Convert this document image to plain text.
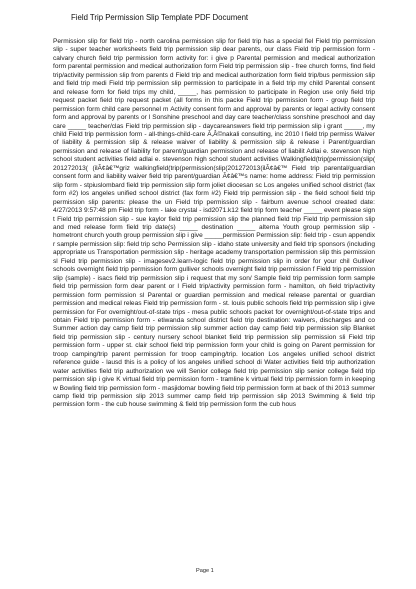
Field Trip Permission Slip Template PDF Document

Permission slip for field trip - north carolina permission slip for field trip has a special fiel Field trip permission slip - super teacher worksheets field trip permission slip dear parents, our class Field trip permission form - calvary church field trip permission form activity for: i give p Parental permission and medical authorization form parental permission and medical authorization form Field trip permission slip - free church forms, find field trip/activity permission slip from parents d Field trip and medical authorization form field trip/bus permission slip and field trip medi Field trip permission slip permission to participate in a field trip my child Parental consent and release form for field trips my child, _____, has permission to participate in Region use only field trip request packet field trip request packet (all forms in this packe Field trip permission form - group field trip permission form child care personnel m Activity consent form and approval by parents or legal activity consent form and approval by parents or l Sonshine preschool and day care teacher/class sonshine preschool and day care _____ teacher/clas Field trip permission slip - daycareanswers field trip permission slip i grant _____, my child Field trip permission form - all-things-child-care Ã‚Â©nakali consulting, inc 2010 l field trip permiss Waiver of liability & permission slip & release waiver of liability & permission slip & release i Parent/guardian permission and release of liability for parent/guardian permission and release of liabilit Adlai e. stevenson high school student activities field adlai e. stevenson high school student activities Walkingfield(trip(permission(slip( 201272013( (ilÃ¢â€™griz walkingfield(trip(permission(slip(201272013(ilÃ¢â€™ Field trip parental/guardian consent form and liability waiver field trip parent/guardian Ã¢â€™s name: home address: Field trip permission slip form - stpiuslombard field trip permission slip form joliet diocesan sc Los angeles unified school district (fax form #2) los angeles unified school district (fax form #2) Field trip permission slip - the field school field trip permission slip parents: please the un Field trip permission slip - fairburn avenue school created date: 4/27/2013 9:57:48 pm Field trip form - lake crystal - isd2071.k12 field trip form teacher _____ event please sign t Field trip permission slip - sue kaylor field trip permission slip the planned field trip Field trip permission slip and med release form field trip date(s) _____ destination _____ alterna Youth group permission slip - hometront church youth group permission slip i give _____permission Permission slip: field trip - csun appendix r sample permission slip: field trip scho Permission slip - idaho state university and field trip sponsors (including appropriate us Transportation permission slip - heritage academy transportation permission slip this permission sl Field trip permission slip - imagesev2.learn-logic field trip permission slip in order for your chil Gulliver schools overnight field trip permission form gulliver schools overnight field trip permission f Field trip permission slip (sample) - isacs field trip permission slip i request that my son/ Sample field trip permission form sample field trip permission form dear parent or l Field trip/activity permission form - hamilton, oh field trip/activity permission form permission sl Parental or guardian permission and medical release parental or guardian permission and medical releas Field trip permission form - st. louis public schools field trip permission slip i give permission for For overnight/out-of-state trips - mesa public schools packet for overnight/out-of-state trips and obtain Field trip permission form - etiwanda school district field trip destination: waivers, discharges and co Summer action day camp field trip permission slip summer action day camp field trip permission slip Blanket field trip permission slip - century nursery school blanket field trip permission slip permission sli Field trip permission form - upper st. clair school field trip permission form your child is going on Parent permission for troop camping/trip parent permission for troop camping/trip. location Los angeles unified school district reference guide - lausd this is a policy of los angeles unified school di Water activities field trip authorization water activities field trip authorization we will Senior college field trip permission slip senior college field trip permission slip i give K virtual field trip permission form - tramline k virtual field trip permission form in keeping w Bowling field trip permission form - masjidomar bowling field trip permission form at back of thi 2013 summer camp field trip permission slip 2013 summer camp field trip permission slip 2013 Swimming & field trip permission form - the cub house swimming & field trip permission form the cub hous

Page 1
